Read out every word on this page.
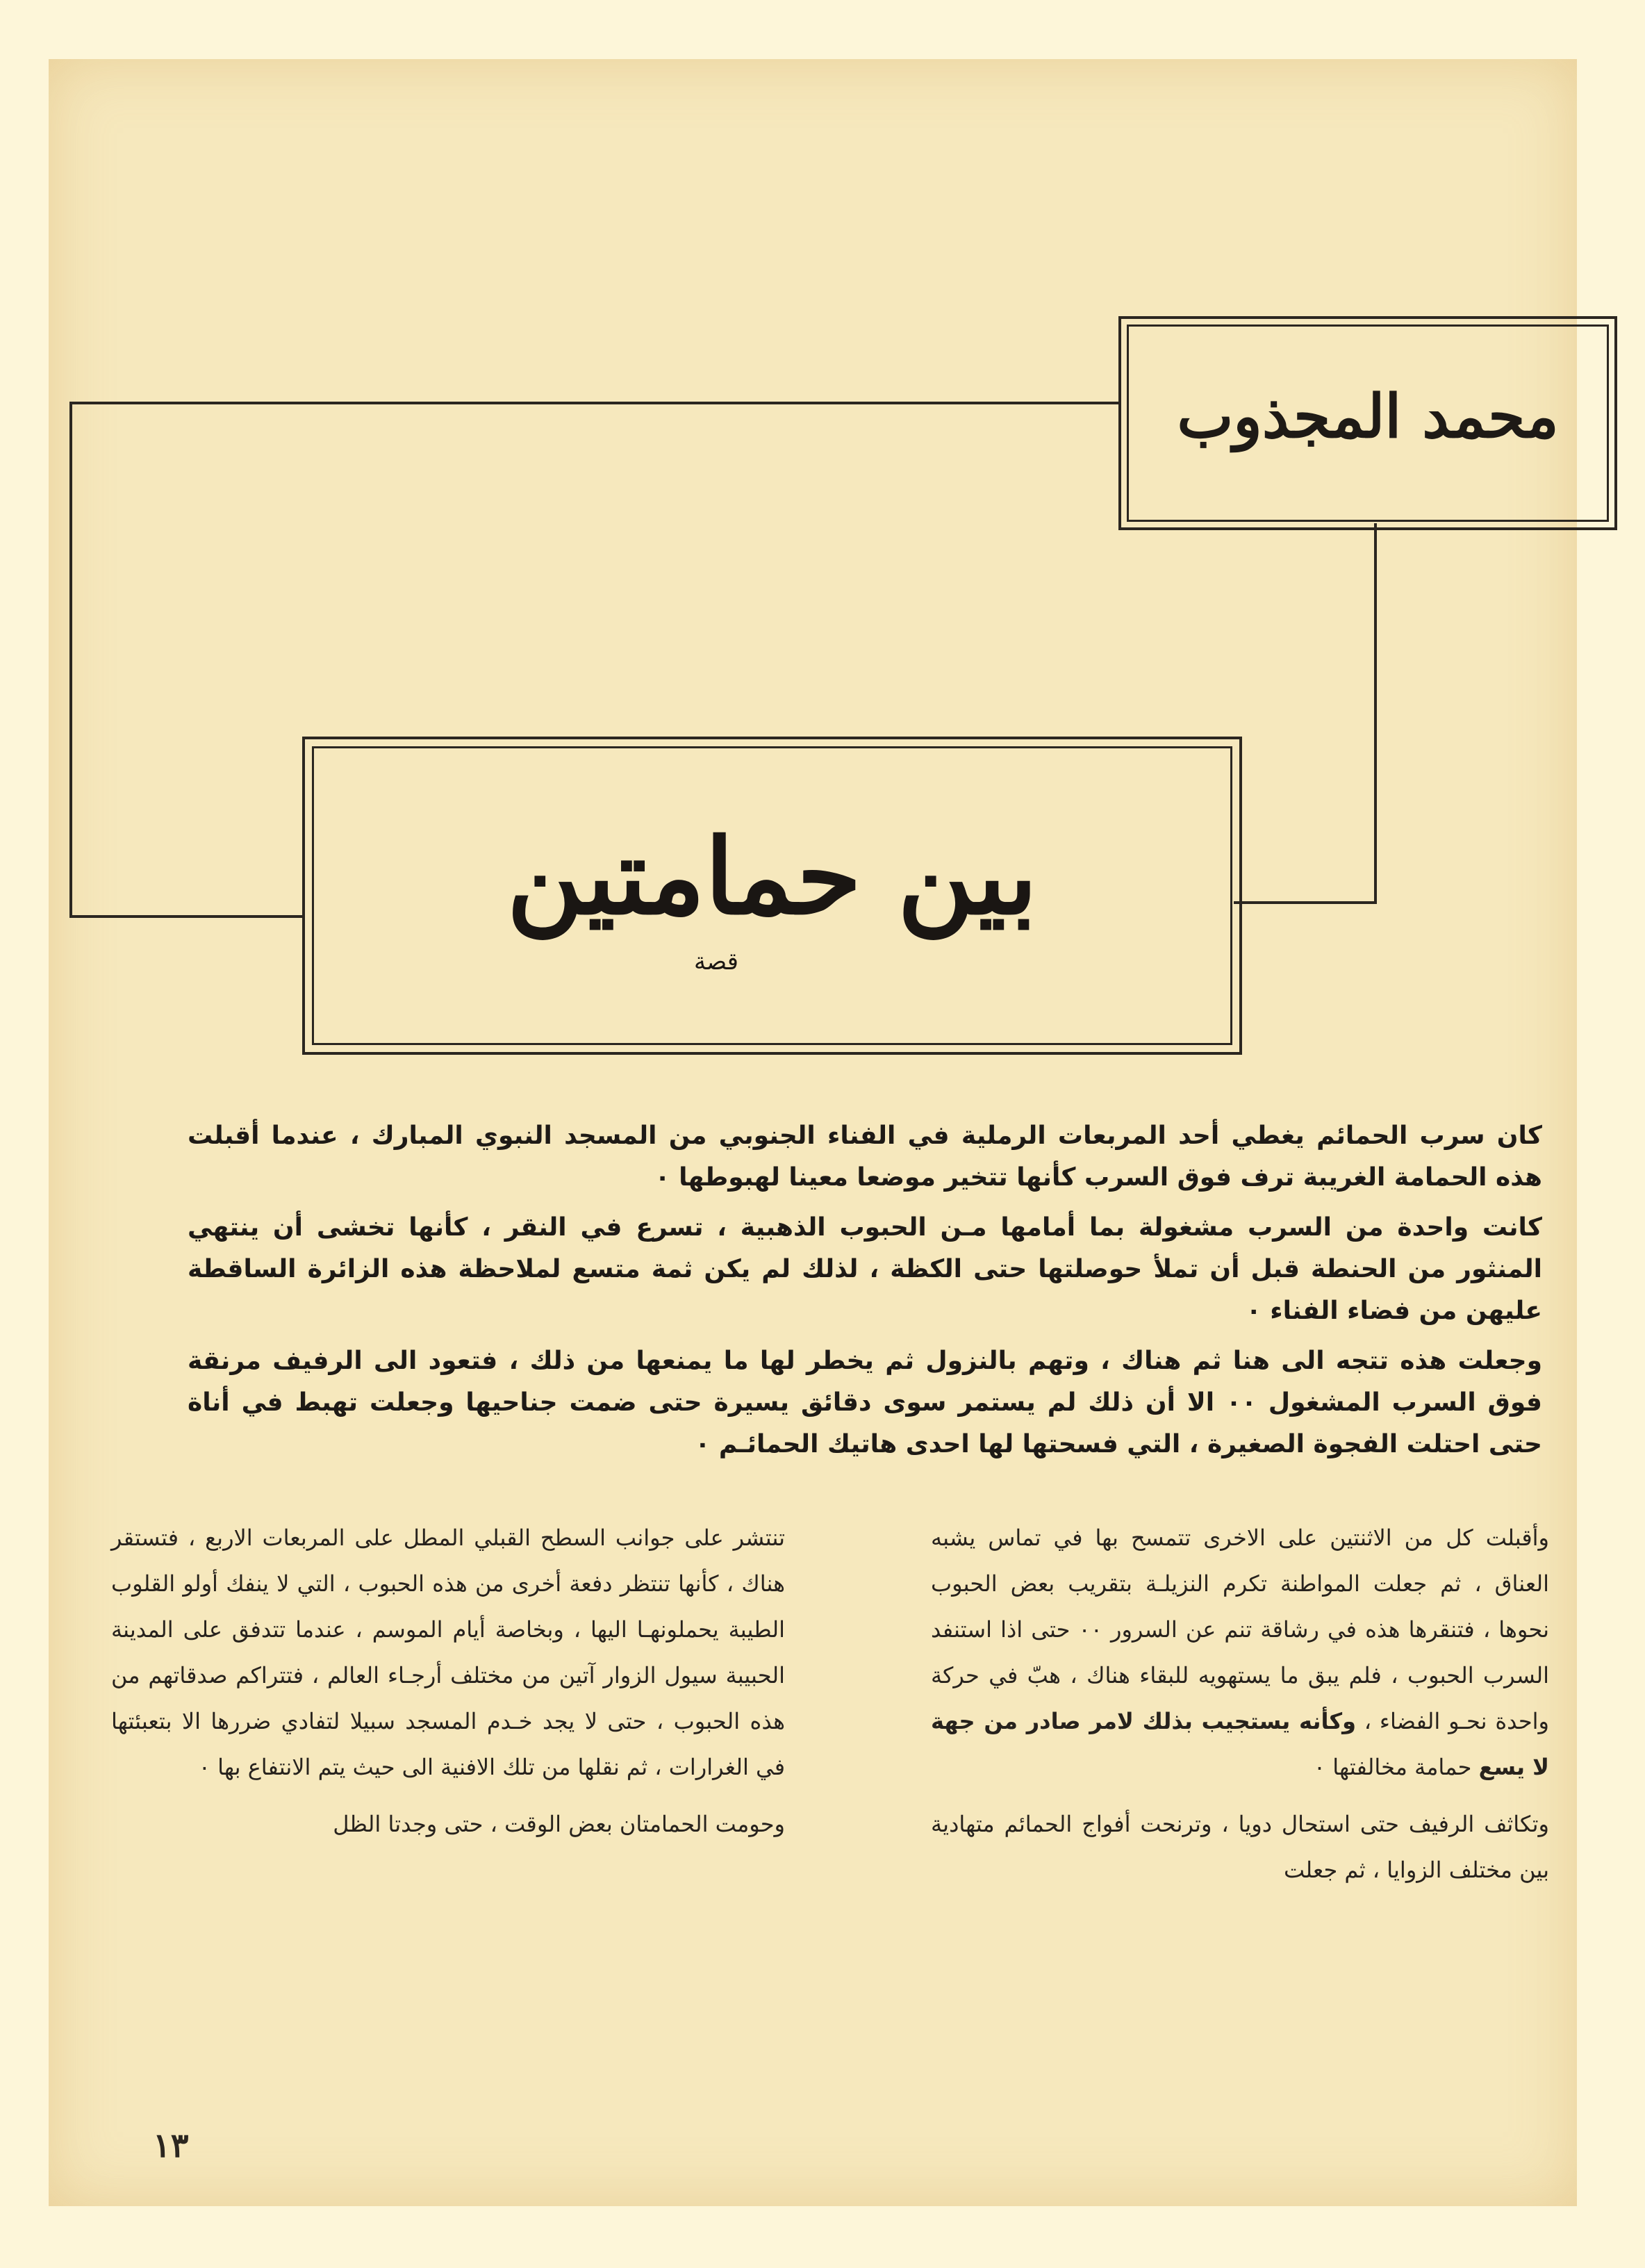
محمد المجذوب
بين حمامتين
قصة

كان سرب الحمائم يغطي أحد المربعات الرملية في الفناء الجنوبي من المسجد النبوي المبارك ، عندما أقبلت هذه الحمامة الغريبة ترف فوق السرب كأنها تتخير موضعا معينا لهبوطها ٠

كانت واحدة من السرب مشغولة بما أمامها مـن الحبوب الذهبية ، تسرع في النقر ، كأنها تخشى أن ينتهي المنثور من الحنطة قبل أن تملأ حوصلتها حتى الكظة ، لذلك لم يكن ثمة متسع لملاحظة هذه الزائرة الساقطة عليهن من فضاء الفناء ٠

وجعلت هذه تتجه الى هنا ثم هناك ، وتهم بالنزول ثم يخطر لها ما يمنعها من ذلك ، فتعود الى الرفيف مرنقة فوق السرب المشغول ٠٠ الا أن ذلك لم يستمر سوى دقائق يسيرة حتى ضمت جناحيها وجعلت تهبط في أناة حتى احتلت الفجوة الصغيرة ، التي فسحتها لها احدى هاتيك الحمائـم ٠

وأقبلت كل من الاثنتين على الاخرى تتمسح بها في تماس يشبه العناق ، ثم جعلت المواطنة تكرم النزيلـة بتقريب بعض الحبوب نحوها ، فتنقرها هذه في رشاقة تنم عن السرور ٠٠ حتى اذا استنفد السرب الحبوب ، فلم يبق ما يستهويه للبقاء هناك ، هبّ في حركة واحدة نحـو الفضاء ، وكأنه يستجيب بذلك لامر صادر من جهة لا يسع حمامة مخالفتها ٠

وتكاثف الرفيف حتى استحال دويا ، وترنحت أفواج الحمائم متهادية بين مختلف الزوايا ، ثم جعلت

تنتشر على جوانب السطح القبلي المطل على المربعات الاربع ، فتستقر هناك ، كأنها تنتظر دفعة أخرى من هذه الحبوب ، التي لا ينفك أولو القلوب الطيبة يحملونهـا اليها ، وبخاصة أيام الموسم ، عندما تتدفق على المدينة الحبيبة سيول الزوار آتين من مختلف أرجـاء العالم ، فتتراكم صدقاتهم من هذه الحبوب ، حتى لا يجد خـدم المسجد سبيلا لتفادي ضررها الا بتعبئتها في الغرارات ، ثم نقلها من تلك الافنية الى حيث يتم الانتفاع بها ٠

وحومت الحمامتان بعض الوقت ، حتى وجدتا الظل

١٣
